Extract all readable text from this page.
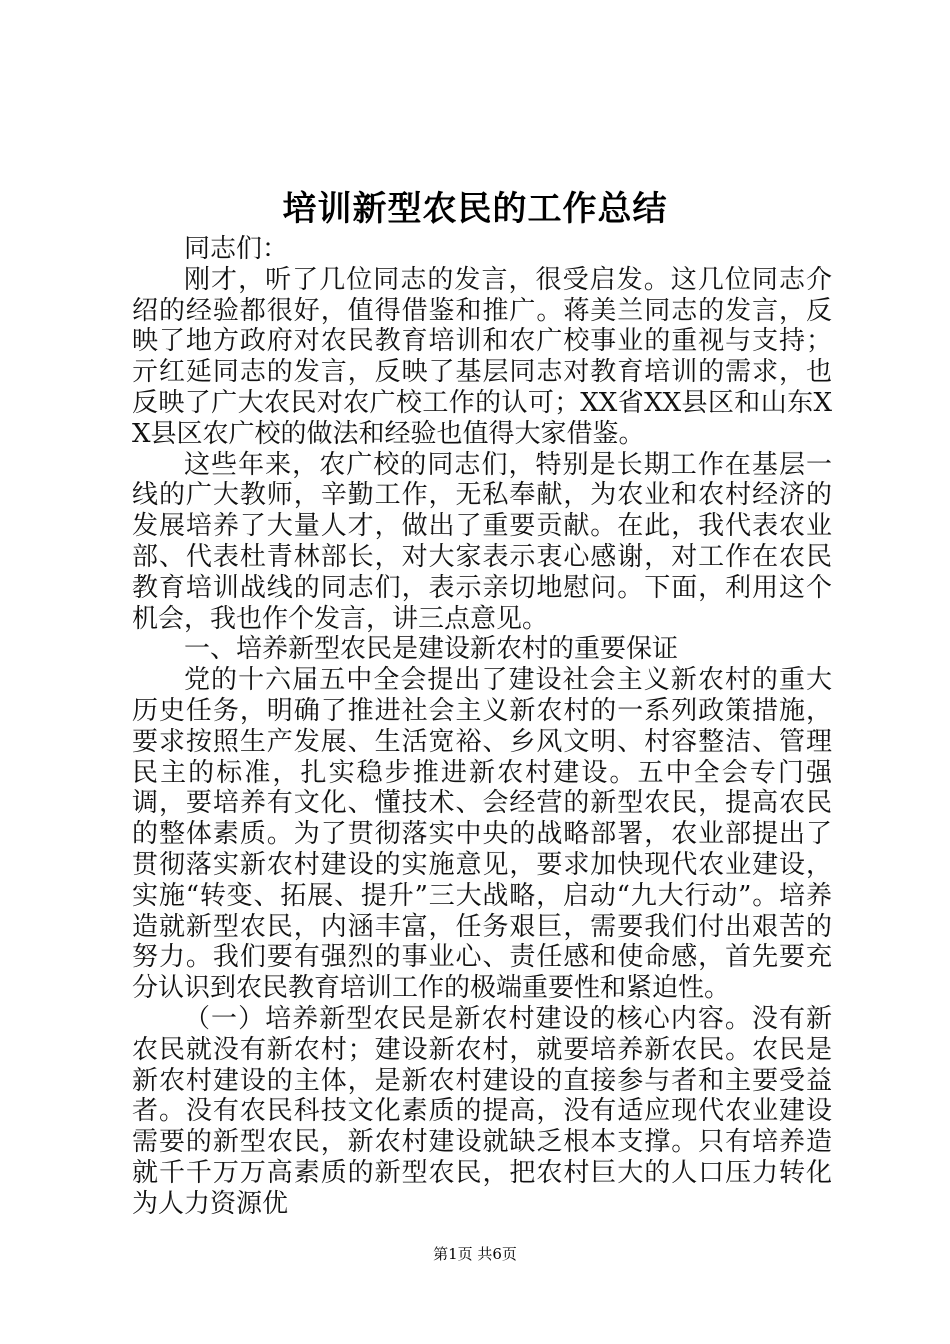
培训新型农民的工作总结

同志们：

刚才，听了几位同志的发言，很受启发。这几位同志介绍的经验都很好，值得借鉴和推广。蒋美兰同志的发言，反映了地方政府对农民教育培训和农广校事业的重视与支持；亓红延同志的发言，反映了基层同志对教育培训的需求，也反映了广大农民对农广校工作的认可；XX省XX县区和山东XX县区农广校的做法和经验也值得大家借鉴。

这些年来，农广校的同志们，特别是长期工作在基层一线的广大教师，辛勤工作，无私奉献，为农业和农村经济的发展培养了大量人才，做出了重要贡献。在此，我代表农业部、代表杜青林部长，对大家表示衷心感谢，对工作在农民教育培训战线的同志们，表示亲切地慰问。下面，利用这个机会，我也作个发言，讲三点意见。

一、培养新型农民是建设新农村的重要保证

党的十六届五中全会提出了建设社会主义新农村的重大历史任务，明确了推进社会主义新农村的一系列政策措施，要求按照生产发展、生活宽裕、乡风文明、村容整洁、管理民主的标准，扎实稳步推进新农村建设。五中全会专门强调，要培养有文化、懂技术、会经营的新型农民，提高农民的整体素质。为了贯彻落实中央的战略部署，农业部提出了贯彻落实新农村建设的实施意见，要求加快现代农业建设，实施“转变、拓展、提升”三大战略，启动“九大行动”。培养造就新型农民，内涵丰富，任务艰巨，需要我们付出艰苦的努力。我们要有强烈的事业心、责任感和使命感，首先要充分认识到农民教育培训工作的极端重要性和紧迫性。

（一）培养新型农民是新农村建设的核心内容。没有新农民就没有新农村；建设新农村，就要培养新农民。农民是新农村建设的主体，是新农村建设的直接参与者和主要受益者。没有农民科技文化素质的提高，没有适应现代农业建设需要的新型农民，新农村建设就缺乏根本支撑。只有培养造就千千万万高素质的新型农民，把农村巨大的人口压力转化为人力资源优

第1页 共6页
